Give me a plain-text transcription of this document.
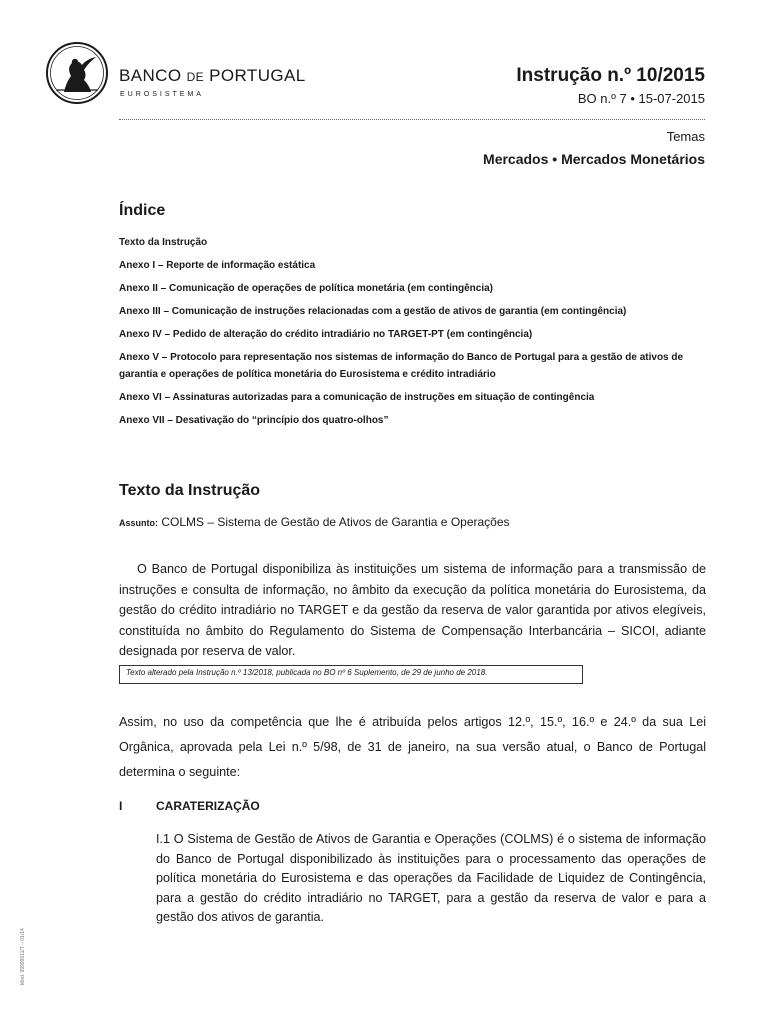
BANCO DE PORTUGAL
EUROSISTEMA
Instrução n.º 10/2015
BO n.º 7 • 15-07-2015
Temas
Mercados • Mercados Monetários
Índice
Texto da Instrução
Anexo I – Reporte de informação estática
Anexo II – Comunicação de operações de política monetária (em contingência)
Anexo III – Comunicação de instruções relacionadas com a gestão de ativos de garantia (em contingência)
Anexo IV – Pedido de alteração do crédito intradiário no TARGET-PT (em contingência)
Anexo V – Protocolo para representação nos sistemas de informação do Banco de Portugal para a gestão de ativos de garantia e operações de política monetária do Eurosistema e crédito intradiário
Anexo VI – Assinaturas autorizadas para a comunicação de instruções em situação de contingência
Anexo VII – Desativação do “princípio dos quatro-olhos”
Texto da Instrução
Assunto: COLMS – Sistema de Gestão de Ativos de Garantia e Operações
O Banco de Portugal disponibiliza às instituições um sistema de informação para a transmissão de instruções e consulta de informação, no âmbito da execução da política monetária do Eurosistema, da gestão do crédito intradiário no TARGET e da gestão da reserva de valor garantida por ativos elegíveis, constituída no âmbito do Regulamento do Sistema de Compensação Interbancária – SICOI, adiante designada por reserva de valor.
Texto alterado pela Instrução n.º 13/2018, publicada no BO nº 6 Suplemento, de 29 de junho de 2018.
Assim, no uso da competência que lhe é atribuída pelos artigos 12.º, 15.º, 16.º e 24.º da sua Lei Orgânica, aprovada pela Lei n.º 5/98, de 31 de janeiro, na sua versão atual, o Banco de Portugal determina o seguinte:
I	CARATERIZAÇÃO
I.1 O Sistema de Gestão de Ativos de Garantia e Operações (COLMS) é o sistema de informação do Banco de Portugal disponibilizado às instituições para o processamento das operações de política monetária do Eurosistema e das operações da Facilidade de Liquidez de Contingência, para a gestão do crédito intradiário no TARGET, para a gestão da reserva de valor e para a gestão dos ativos de garantia.
Mod. 99999911/T – 01/14
